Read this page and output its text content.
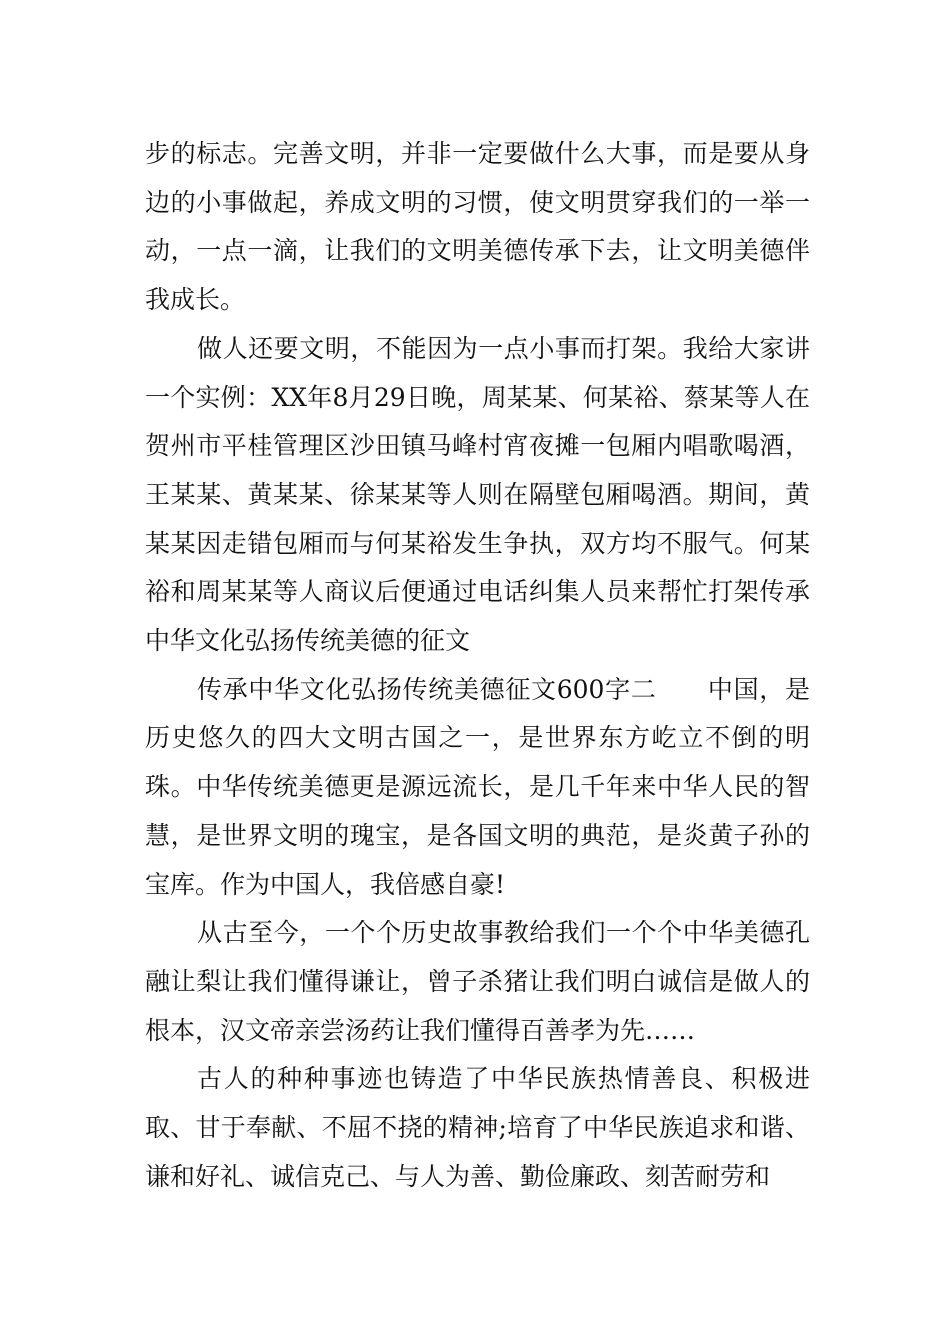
步的标志。完善文明，并非一定要做什么大事，而是要从身边的小事做起，养成文明的习惯，使文明贯穿我们的一举一动，一点一滴，让我们的文明美德传承下去，让文明美德伴我成长。

做人还要文明，不能因为一点小事而打架。我给大家讲一个实例：XX年8月29日晚，周某某、何某裕、蔡某等人在贺州市平桂管理区沙田镇马峰村宵夜摊一包厢内唱歌喝酒，王某某、黄某某、徐某某等人则在隔壁包厢喝酒。期间，黄某某因走错包厢而与何某裕发生争执，双方均不服气。何某裕和周某某等人商议后便通过电话纠集人员来帮忙打架传承中华文化弘扬传统美德的征文

传承中华文化弘扬传统美德征文600字二　　中国，是历史悠久的四大文明古国之一，是世界东方屹立不倒的明珠。中华传统美德更是源远流长，是几千年来中华人民的智慧，是世界文明的瑰宝，是各国文明的典范，是炎黄子孙的宝库。作为中国人，我倍感自豪!

从古至今，一个个历史故事教给我们一个个中华美德孔融让梨让我们懂得谦让，曾子杀猪让我们明白诚信是做人的根本，汉文帝亲尝汤药让我们懂得百善孝为先……

古人的种种事迹也铸造了中华民族热情善良、积极进取、甘于奉献、不屈不挠的精神;培育了中华民族追求和谐、谦和好礼、诚信克己、与人为善、勤俭廉政、刻苦耐劳和
